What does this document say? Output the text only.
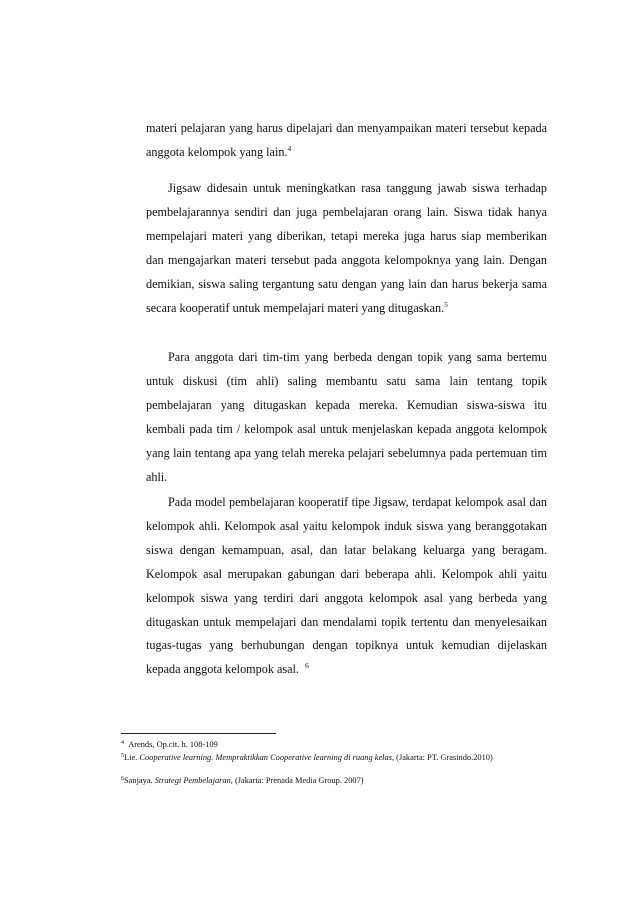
materi pelajaran yang harus dipelajari dan menyampaikan materi tersebut kepada anggota kelompok yang lain.$^4$

Jigsaw didesain untuk meningkatkan rasa tanggung jawab siswa terhadap pembelajarannya sendiri dan juga pembelajaran orang lain. Siswa tidak hanya mempelajari materi yang diberikan, tetapi mereka juga harus siap memberikan dan mengajarkan materi tersebut pada anggota kelompoknya yang lain. Dengan demikian, siswa saling tergantung satu dengan yang lain dan harus bekerja sama secara kooperatif untuk mempelajari materi yang ditugaskan.$^5$

Para anggota dari tim-tim yang berbeda dengan topik yang sama bertemu untuk diskusi (tim ahli) saling membantu satu sama lain tentang topik pembelajaran yang ditugaskan kepada mereka. Kemudian siswa-siswa itu kembali pada tim / kelompok asal untuk menjelaskan kepada anggota kelompok yang lain tentang apa yang telah mereka pelajari sebelumnya pada pertemuan tim ahli.

Pada model pembelajaran kooperatif tipe Jigsaw, terdapat kelompok asal dan kelompok ahli. Kelompok asal yaitu kelompok induk siswa yang beranggotakan siswa dengan kemampuan, asal, dan latar belakang keluarga yang beragam. Kelompok asal merupakan gabungan dari beberapa ahli. Kelompok ahli yaitu kelompok siswa yang terdiri dari anggota kelompok asal yang berbeda yang ditugaskan untuk mempelajari dan mendalami topik tertentu dan menyelesaikan tugas-tugas yang berhubungan dengan topiknya untuk kemudian dijelaskan kepada anggota kelompok asal. $^6$

$^4$ Arends, Op.cit. h. 108-109

$^5$Lie. Cooperative learning. Mempraktikkan Cooperative learning di ruang kelas, (Jakarta: PT. Grasindo.2010)

$^6$Sanjaya. Strategi Pembelajaran, (Jakarta: Prenada Media Group. 2007)
